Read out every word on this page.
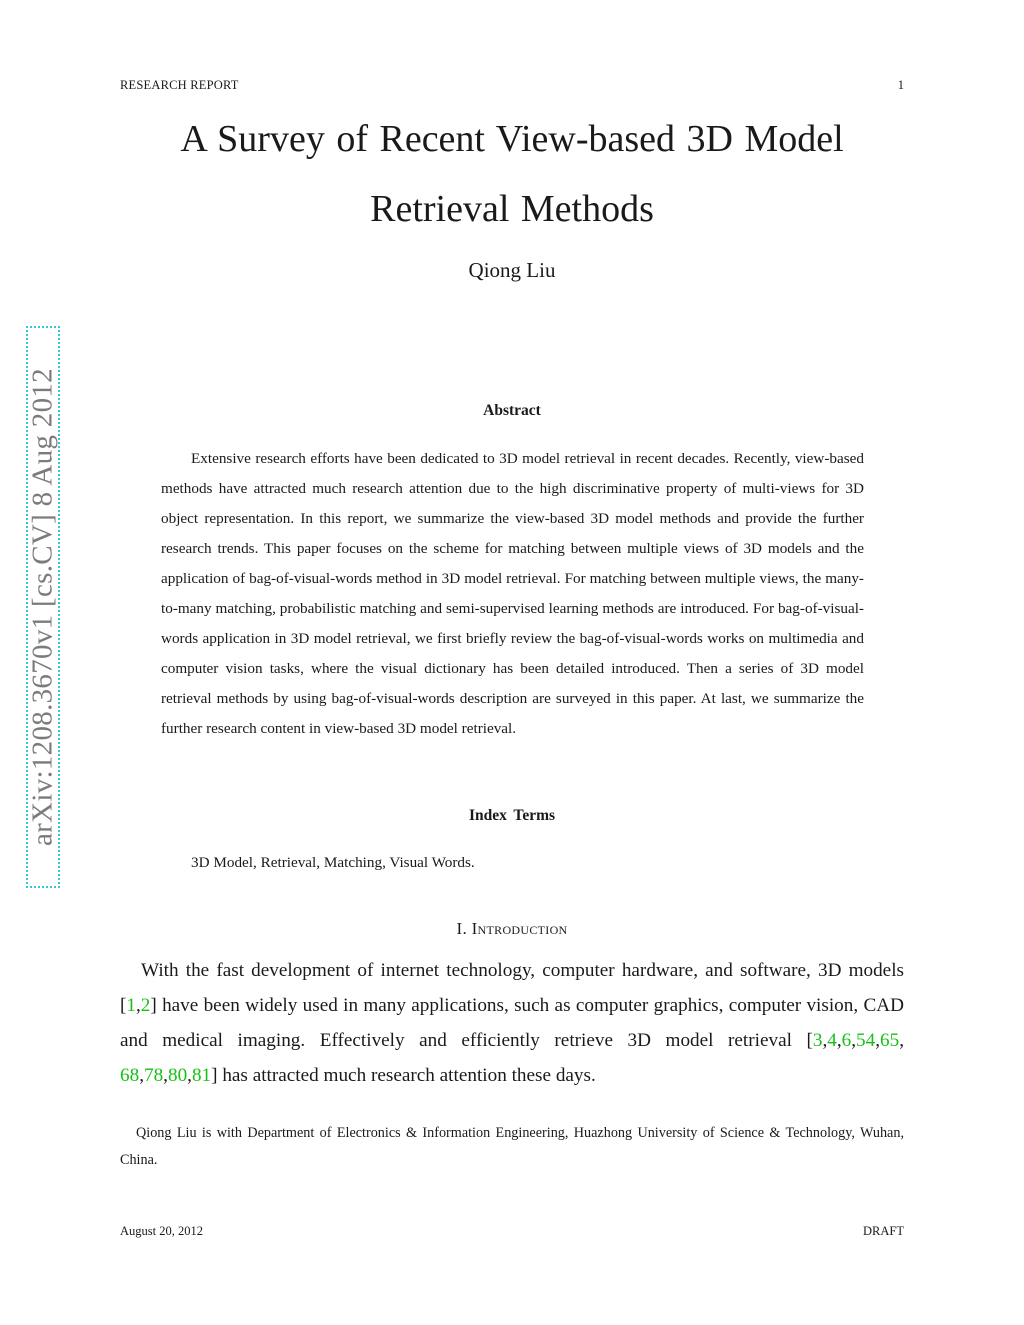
RESEARCH REPORT	1
A Survey of Recent View-based 3D Model
Retrieval Methods
Qiong Liu
arXiv:1208.3670v1 [cs.CV] 8 Aug 2012	Abstract

Extensive research efforts have been dedicated to 3D model retrieval in recent decades. Recently, view-based methods have attracted much research attention due to the high discriminative property of multi-views for 3D object representation. In this report, we summarize the view-based 3D model methods and provide the further research trends. This paper focuses on the scheme for matching between multiple views of 3D models and the application of bag-of-visual-words method in 3D model retrieval. For matching between multiple views, the many-to-many matching, probabilistic matching and semi-supervised learning methods are introduced. For bag-of-visual-words application in 3D model retrieval, we first briefly review the bag-of-visual-words works on multimedia and computer vision tasks, where the visual dictionary has been detailed introduced. Then a series of 3D model retrieval methods by using bag-of-visual-words description are surveyed in this paper. At last, we summarize the further research content in view-based 3D model retrieval.

Index Terms
3D Model, Retrieval, Matching, Visual Words.
I. Introduction

With the fast development of internet technology, computer hardware, and software, 3D models [1,2] have been widely used in many applications, such as computer graphics, computer vision, CAD and medical imaging. Effectively and efficiently retrieve 3D model retrieval [3,4,6,54,65, 68,78,80,81] has attracted much research attention these days.

Qiong Liu is with Department of Electronics & Information Engineering, Huazhong University of Science & Technology, Wuhan, China.

August 20, 2012	DRAFT
